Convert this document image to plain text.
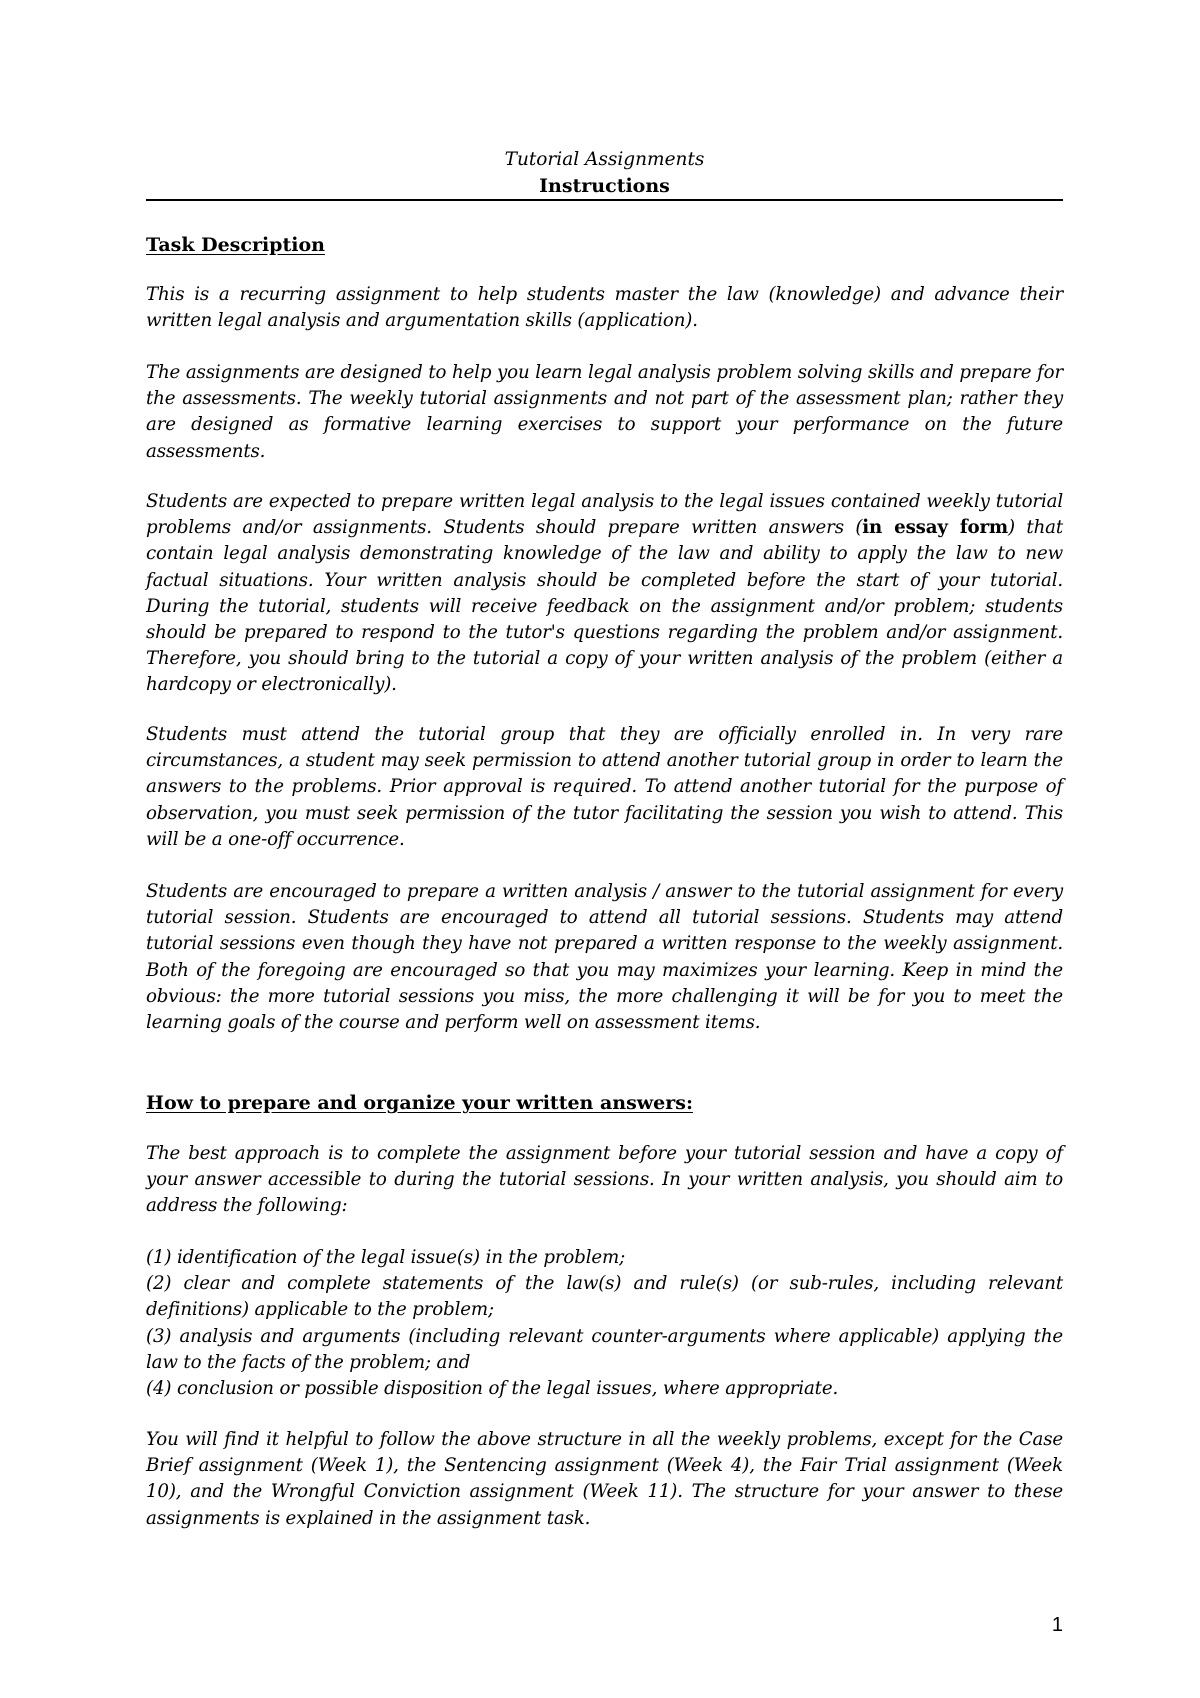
Tutorial Assignments
Instructions
Task Description
This is a recurring assignment to help students master the law (knowledge) and advance their written legal analysis and argumentation skills (application).
The assignments are designed to help you learn legal analysis problem solving skills and prepare for the assessments. The weekly tutorial assignments and not part of the assessment plan; rather they are designed as formative learning exercises to support your performance on the future assessments.
Students are expected to prepare written legal analysis to the legal issues contained weekly tutorial problems and/or assignments. Students should prepare written answers (in essay form) that contain legal analysis demonstrating knowledge of the law and ability to apply the law to new factual situations. Your written analysis should be completed before the start of your tutorial. During the tutorial, students will receive feedback on the assignment and/or problem; students should be prepared to respond to the tutor's questions regarding the problem and/or assignment. Therefore, you should bring to the tutorial a copy of your written analysis of the problem (either a hardcopy or electronically).
Students must attend the tutorial group that they are officially enrolled in. In very rare circumstances, a student may seek permission to attend another tutorial group in order to learn the answers to the problems. Prior approval is required. To attend another tutorial for the purpose of observation, you must seek permission of the tutor facilitating the session you wish to attend. This will be a one-off occurrence.
Students are encouraged to prepare a written analysis / answer to the tutorial assignment for every tutorial session. Students are encouraged to attend all tutorial sessions. Students may attend tutorial sessions even though they have not prepared a written response to the weekly assignment. Both of the foregoing are encouraged so that you may maximizes your learning. Keep in mind the obvious: the more tutorial sessions you miss, the more challenging it will be for you to meet the learning goals of the course and perform well on assessment items.
How to prepare and organize your written answers:
The best approach is to complete the assignment before your tutorial session and have a copy of your answer accessible to during the tutorial sessions. In your written analysis, you should aim to address the following:
(1) identification of the legal issue(s) in the problem;
(2) clear and complete statements of the law(s) and rule(s) (or sub-rules, including relevant definitions) applicable to the problem;
(3) analysis and arguments (including relevant counter-arguments where applicable) applying the law to the facts of the problem; and
(4) conclusion or possible disposition of the legal issues, where appropriate.
You will find it helpful to follow the above structure in all the weekly problems, except for the Case Brief assignment (Week 1), the Sentencing assignment (Week 4), the Fair Trial assignment (Week 10), and the Wrongful Conviction assignment (Week 11). The structure for your answer to these assignments is explained in the assignment task.
1
